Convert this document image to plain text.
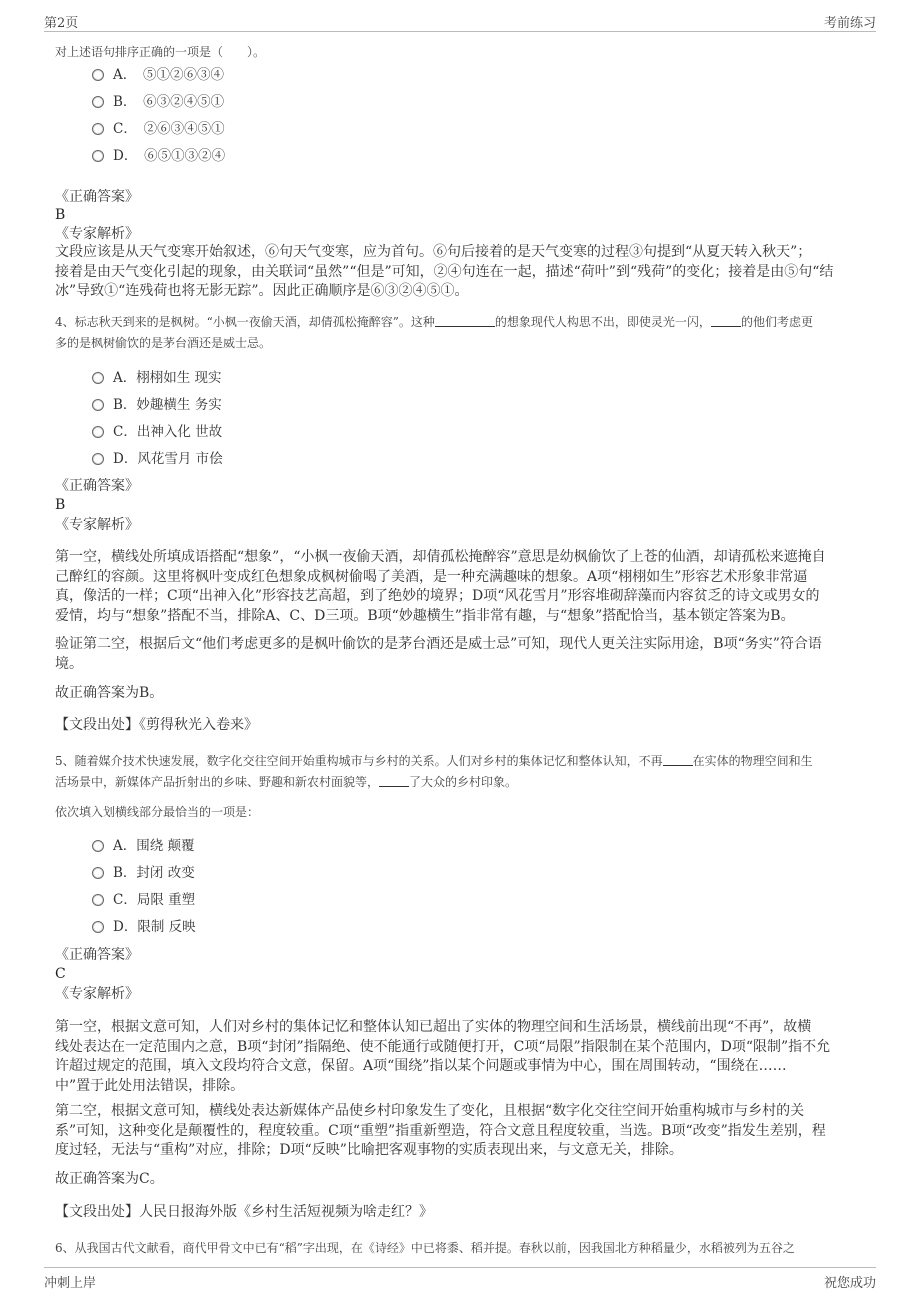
第2页	考前练习
对上述语句排序正确的一项是（　　）。
A．　⑤①②⑥③④
B．　⑥③②④⑤①
C．　②⑥③④⑤①
D．　⑥⑤①③②④
《正确答案》
B
《专家解析》
文段应该是从天气变寒开始叙述，⑥句天气变寒，应为首句。⑥句后接着的是天气变寒的过程③句提到“从夏天转入秋天”；
接着是由天气变化引起的现象，由关联词“虽然”“但是”可知，②④句连在一起，描述“荷叶”到“残荷”的变化；接着是由⑤句“结
冰”导致①“连残荷也将无影无踪”。因此正确顺序是⑥③②④⑤①。
4、标志秋天到来的是枫树。“小枫一夜偷天酒，却倩孤松掩醉容”。这种	的想象现代人构思不出，即使灵光一闪，	的他们考虑更
多的是枫树偷饮的是茅台酒还是威士忌。
A．栩栩如生 现实
B．妙趣横生 务实
C．出神入化 世故
D．风花雪月 市侩
《正确答案》
B
《专家解析》
第一空，横线处所填成语搭配“想象”，“小枫一夜偷天酒，却倩孤松掩醉容”意思是幼枫偷饮了上苍的仙酒，却请孤松来遮掩自
己醉红的容颜。这里将枫叶变成红色想象成枫树偷喝了美酒，是一种充满趣味的想象。A项“栩栩如生”形容艺术形象非常逼
真，像活的一样；C项“出神入化”形容技艺高超，到了绝妙的境界；D项“风花雪月”形容堆砌辞藻而内容贫乏的诗文或男女的
爱情，均与“想象”搭配不当，排除A、C、D三项。B项“妙趣横生”指非常有趣，与“想象”搭配恰当，基本锁定答案为B。
验证第二空，根据后文“他们考虑更多的是枫叶偷饮的是茅台酒还是威士忌”可知，现代人更关注实际用途，B项“务实”符合语
境。
故正确答案为B。
【文段出处】《剪得秋光入卷来》
5、随着媒介技术快速发展，数字化交往空间开始重构城市与乡村的关系。人们对乡村的集体记忆和整体认知，不再	在实体的物理空间和生
活场景中，新媒体产品折射出的乡味、野趣和新农村面貌等，	了大众的乡村印象。
依次填入划横线部分最恰当的一项是：
A．围绕 颠覆
B．封闭 改变
C．局限 重塑
D．限制 反映
《正确答案》
C
《专家解析》
第一空，根据文意可知，人们对乡村的集体记忆和整体认知已超出了实体的物理空间和生活场景，横线前出现“不再”，故横
线处表达在一定范围内之意，B项“封闭”指隔绝、使不能通行或随便打开，C项“局限”指限制在某个范围内，D项“限制”指不允
许超过规定的范围，填入文段均符合文意，保留。A项“围绕”指以某个问题或事情为中心，围在周围转动，“围绕在……
中”置于此处用法错误，排除。
第二空，根据文意可知，横线处表达新媒体产品使乡村印象发生了变化，且根据“数字化交往空间开始重构城市与乡村的关
系”可知，这种变化是颠覆性的，程度较重。C项“重塑”指重新塑造，符合文意且程度较重，当选。B项“改变”指发生差别，程
度过轻，无法与“重构”对应，排除；D项“反映”比喻把客观事物的实质表现出来，与文意无关，排除。
故正确答案为C。
【文段出处】人民日报海外版《乡村生活短视频为啥走红？》
6、从我国古代文献看，商代甲骨文中已有“稻”字出现，在《诗经》中已将黍、稻并提。春秋以前，因我国北方种稻量少，水稻被列为五谷之
冲刺上岸	祝您成功
